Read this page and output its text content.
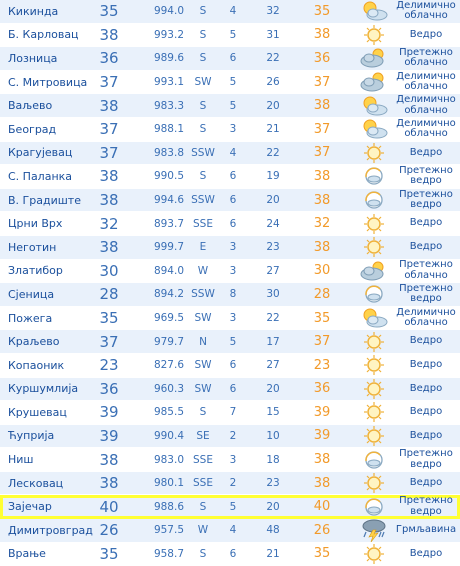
Кикинда	35	994.0	S	4	32	35	Делимично облачно
Б. Карловац	38	993.2	S	5	31	38	Ведро
Лозница	36	989.6	S	6	22	36	Претежно облачно
С. Митровица 37	993.1 SW	5	26	37	Делимично облачно
Ваљево	38	983.3	S	5	20	38	Делимично облачно
Београд	37	988.1	S	3	21	37	Делимично облачно
Крагујевац	37	983.8 SSW	4	22	37	Ведро
С. Паланка	38	990.5	S	6	19	38	Претежно ведро
В. Градиште	38	994.6 SSW	6	20	38	Претежно ведро
Црни Врх	32	893.7 SSE	6	24	32	Ведро
Неготин	38	999.7	E	3	23	38	Ведро
Златибор	30	894.0	W	3	27	30	Претежно облачно
Сјеница	28	894.2 SSW	8	30	28	Претежно ведро
Пожега	35	969.5 SW	3	22	35	Делимично облачно
Краљево	37	979.7	N	5	17	37	Ведро
Копаоник	23	827.6 SW	6	27	23	Ведро
Куршумлија	36	960.3 SW	6	20	36	Ведро
Крушевац	39	985.5	S	7	15	39	Ведро
Ћуприја	39	990.4	SE	2	10	39	Ведро
Ниш	38	983.0 SSE	3	18	38	Претежно ведро
Лесковац	38	980.1 SSE	2	23	38	Ведро
Зајечар	40	988.6	S	5	20	40	Претежно ведро
Димитровград 26	957.5	W	4	48	26	Грмљавина
Врање	35	958.7	S	6	21	35	Ведро
